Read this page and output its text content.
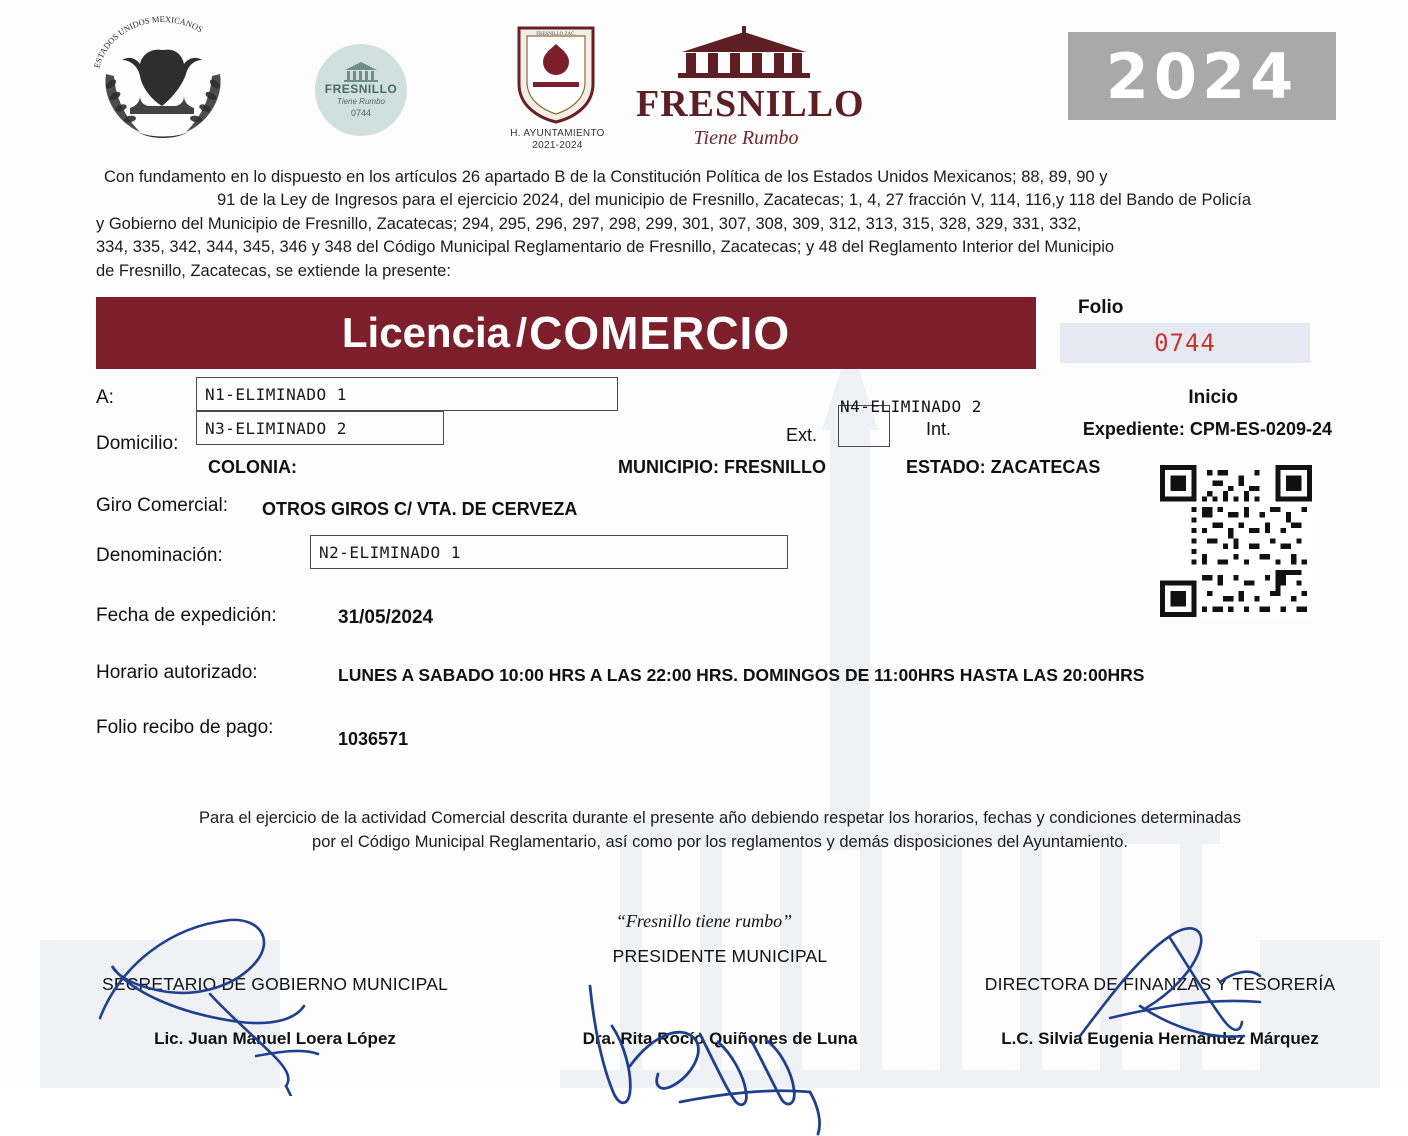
ESTADOS UNIDOS MEXICANOS
FRESNILLO
Tiene Rumbo
0744
FRESNILLO ZAC.
H. AYUNTAMIENTO
2021-2024
FRESNILLO
Tiene Rumbo
2024
Con fundamento en lo dispuesto en los artículos 26 apartado B de la Constitución Política de los Estados Unidos Mexicanos; 88, 89, 90 y
91 de la Ley de Ingresos para el ejercicio 2024, del municipio de Fresnillo, Zacatecas; 1, 4, 27 fracción V, 114, 116,y 118 del Bando de Policía
y Gobierno del Municipio de Fresnillo, Zacatecas; 294, 295, 296, 297, 298, 299, 301, 307, 308, 309, 312, 313, 315, 328, 329, 331, 332,
334, 335, 342, 344, 345, 346 y 348 del Código Municipal Reglamentario de Fresnillo, Zacatecas; y 48 del Reglamento Interior del Municipio
de Fresnillo, Zacatecas, se extiende la presente:
Licencia / COMERCIO	Folio
0744
A:	N1-ELIMINADO 1
Domicilio:
N3-ELIMINADO 2	Ext.
N4-ELIMINADO 2
Int.
COLONIA:	MUNICIPIO: FRESNILLO	ESTADO: ZACATECAS
Giro Comercial: OTROS GIROS C/ VTA. DE CERVEZA
Denominación:	N2-ELIMINADO 1
Fecha de expedición:	31/05/2024
Horario autorizado:	LUNES A SABADO 10:00 HRS A LAS 22:00 HRS. DOMINGOS DE 11:00HRS HASTA LAS 20:00HRS
Folio recibo de pago:
1036571
Inicio
Expediente: CPM-ES-0209-24
Para el ejercicio de la actividad Comercial descrita durante el presente año debiendo respetar los horarios, fechas y condiciones determinadas
por el Código Municipal Reglamentario, así como por los reglamentos y demás disposiciones del Ayuntamiento.
“Fresnillo tiene rumbo”
SECRETARIO DE GOBIERNO MUNICIPAL
Lic. Juan Manuel Loera López
PRESIDENTE MUNICIPAL
Dra. Rita Rocío Quiñones de Luna
DIRECTORA DE FINANZAS Y TESORERÍA
L.C. Silvia Eugenia Hernández Márquez
